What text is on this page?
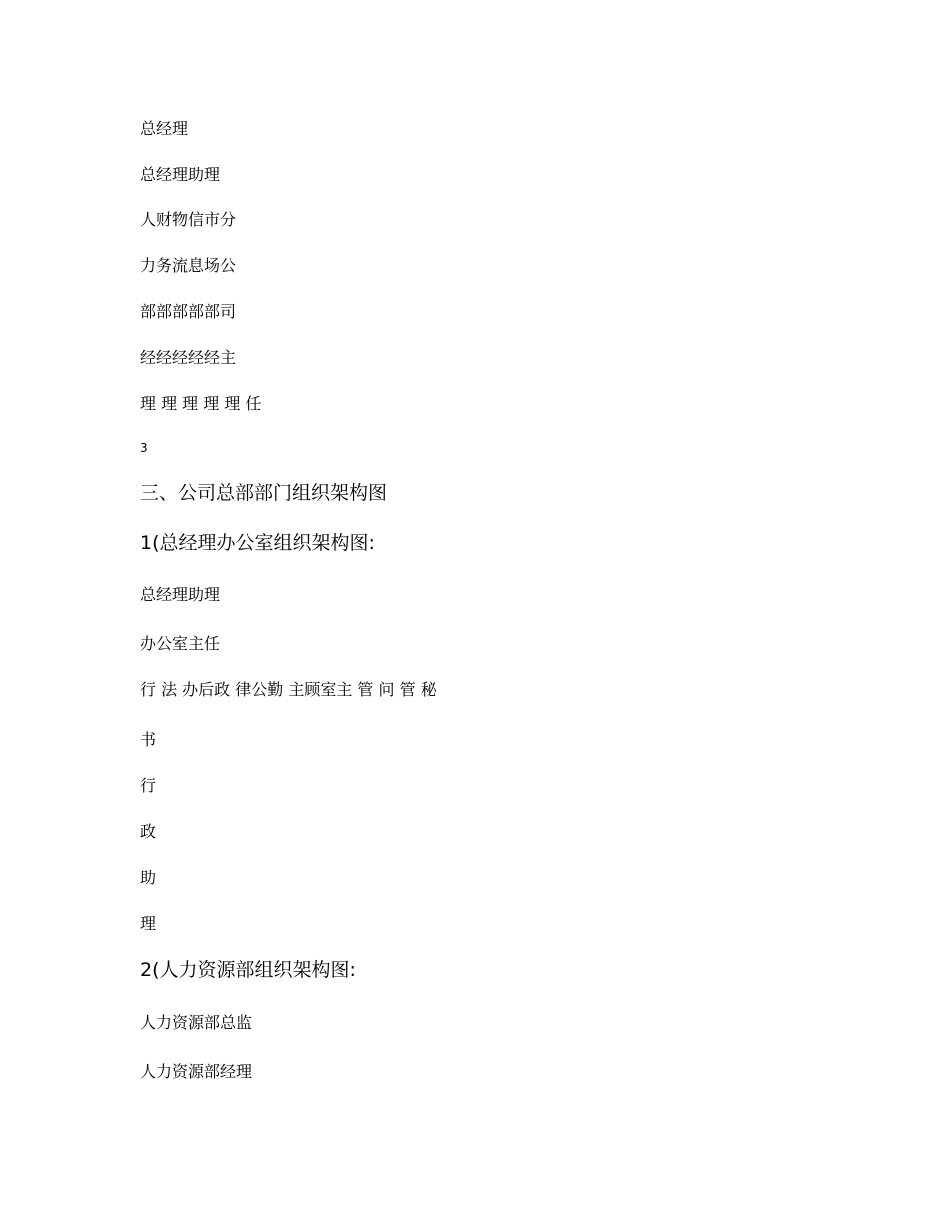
总经理
总经理助理
人财物信市分
力务流息场公
部部部部部司
经经经经经主
理 理 理 理 理 任
3
三、公司总部部门组织架构图
1(总经理办公室组织架构图:
总经理助理
办公室主任
行 法 办后政 律公勤 主顾室主 管 问 管 秘
书
行
政
助
理
2(人力资源部组织架构图:
人力资源部总监
人力资源部经理
